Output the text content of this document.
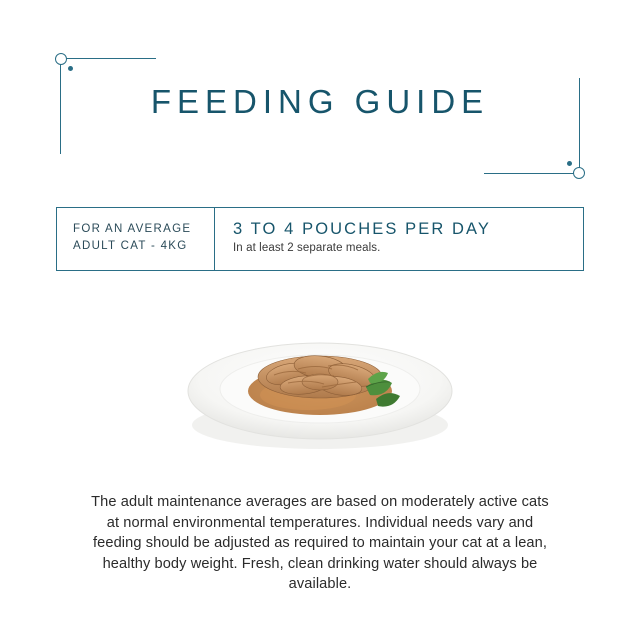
FEEDING GUIDE
FOR AN AVERAGE
ADULT CAT - 4KG
3 TO 4 POUCHES PER DAY
In at least 2 separate meals.
The adult maintenance averages are based on moderately active cats at normal environmental temperatures. Individual needs vary and feeding should be adjusted as required to maintain your cat at a lean, healthy body weight. Fresh, clean drinking water should always be available.
